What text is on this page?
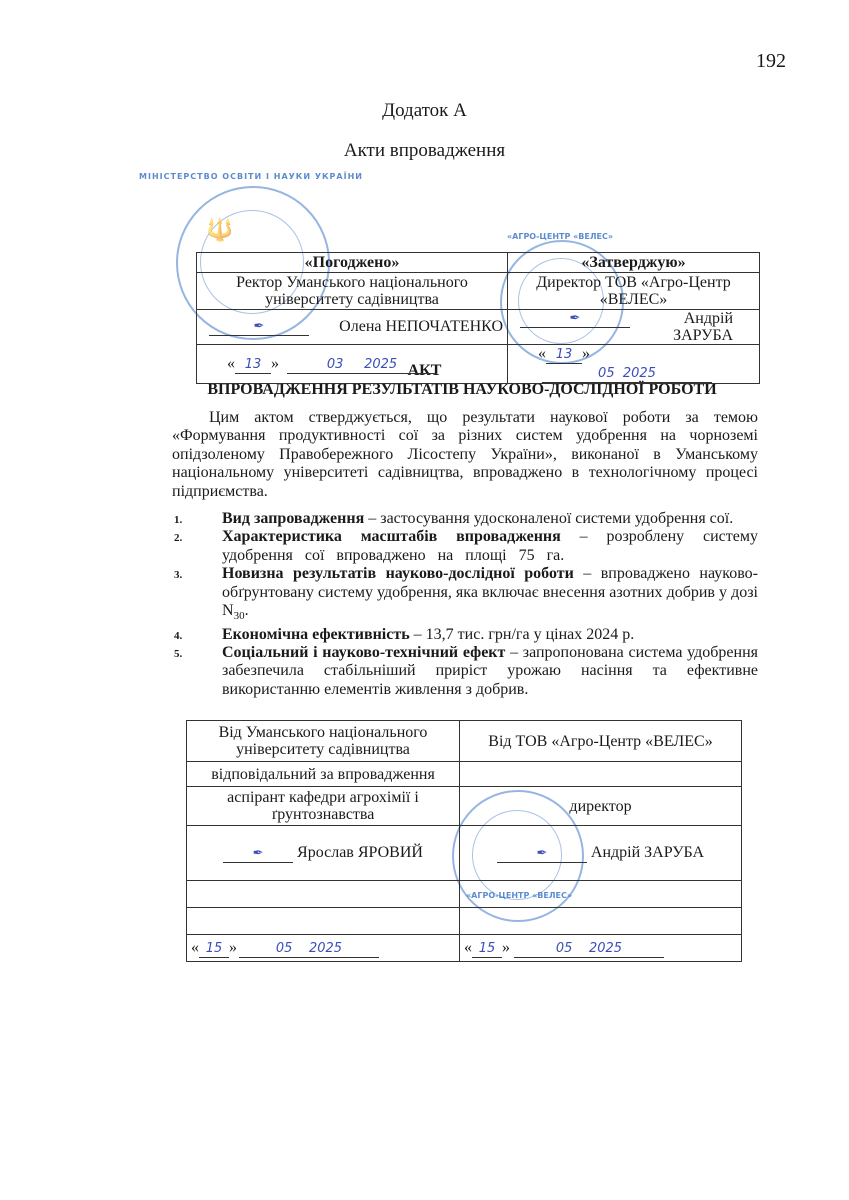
192
Додаток А
Акти впровадження
МІНІСТЕРСТВО ОСВІТИ І НАУКИ УКРАЇНИ
🔱
«Погоджено»	«Затверджую»
Ректор Уманського національного
університету садівництва	Директор ТОВ «Агро-Центр «ВЕЛЕС»

✒ Олена НЕПОЧАТЕНКО	✒ Андрій ЗАРУБА
« 13 » 03 2025	« 13 » 05 2025
«АГРО-ЦЕНТР «ВЕЛЕС»
АКТ
ВПРОВАДЖЕННЯ РЕЗУЛЬТАТІВ НАУКОВО-ДОСЛІДНОЇ РОБОТИ
Цим актом стверджується, що результати наукової роботи за темою «Формування продуктивності сої за різних систем удобрення на чорноземі опідзоленому Правобережного Лісостепу України», виконаної в Уманському національному університеті садівництва, впроваджено в технологічному процесі підприємства.
1. Вид запровадження – застосування удосконаленої системи удобрення сої.
2. Характеристика масштабів впровадження – розроблену систему удобрення сої впроваджено на площі 75 га.
3. Новизна результатів науково-дослідної роботи – впроваджено науково-обґрунтовану систему удобрення, яка включає внесення азотних добрив у дозі $N_{30}$.
4. Економічна ефективність – 13,7 тис. грн/га у цінах 2024 р.
5. Соціальний і науково-технічний ефект – запропонована система удобрення забезпечила стабільніший приріст урожаю насіння та ефективне використанню елементів живлення з добрив.
Від Уманського національного
університету садівництва	Від ТОВ «Агро-Центр «ВЕЛЕС»
відповідальний за впровадження	
аспірант кафедри агрохімії і
ґрунтознавства	директор
✒ Ярослав ЯРОВИЙ	✒ Андрій ЗАРУБА
	«АГРО-ЦЕНТР «ВЕЛЕС»

« 15 » 05 2025	« 15 » 05 2025
